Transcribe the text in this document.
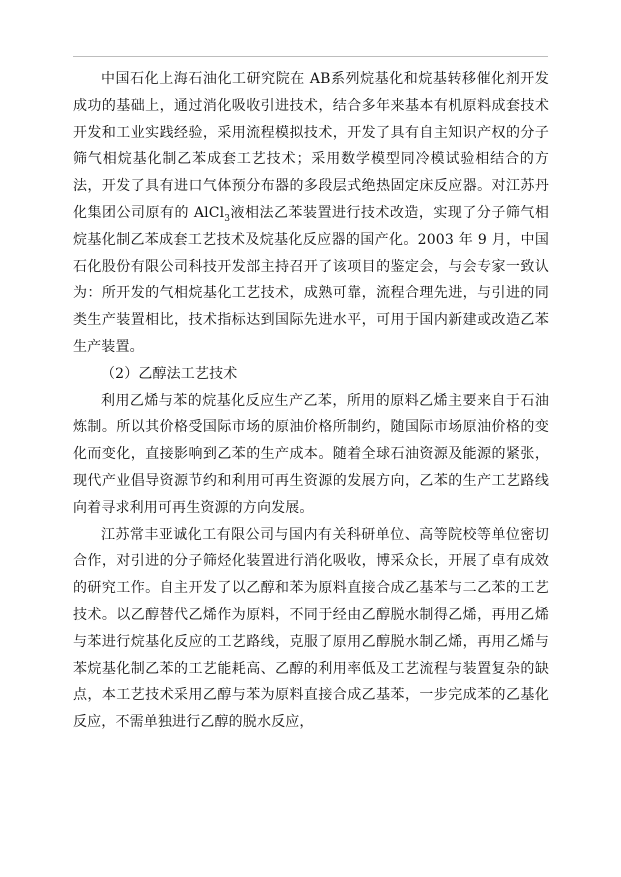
中国石化上海石油化工研究院在 AB系列烷基化和烷基转移催化剂开发成功的基础上，通过消化吸收引进技术，结合多年来基本有机原料成套技术开发和工业实践经验，采用流程模拟技术，开发了具有自主知识产权的分子筛气相烷基化制乙苯成套工艺技术；采用数学模型同冷模试验相结合的方法，开发了具有进口气体预分布器的多段层式绝热固定床反应器。对江苏丹化集团公司原有的 AlCl$_3$液相法乙苯装置进行技术改造，实现了分子筛气相烷基化制乙苯成套工艺技术及烷基化反应器的国产化。2003 年 9 月，中国石化股份有限公司科技开发部主持召开了该项目的鉴定会，与会专家一致认为：所开发的气相烷基化工艺技术，成熟可靠，流程合理先进，与引进的同类生产装置相比，技术指标达到国际先进水平，可用于国内新建或改造乙苯生产装置。

（2）乙醇法工艺技术

利用乙烯与苯的烷基化反应生产乙苯，所用的原料乙烯主要来自于石油炼制。所以其价格受国际市场的原油价格所制约，随国际市场原油价格的变化而变化，直接影响到乙苯的生产成本。随着全球石油资源及能源的紧张，现代产业倡导资源节约和利用可再生资源的发展方向，乙苯的生产工艺路线向着寻求利用可再生资源的方向发展。

江苏常丰亚诚化工有限公司与国内有关科研单位、高等院校等单位密切合作，对引进的分子筛烃化装置进行消化吸收，博采众长，开展了卓有成效的研究工作。自主开发了以乙醇和苯为原料直接合成乙基苯与二乙苯的工艺技术。以乙醇替代乙烯作为原料，不同于经由乙醇脱水制得乙烯，再用乙烯与苯进行烷基化反应的工艺路线，克服了原用乙醇脱水制乙烯，再用乙烯与苯烷基化制乙苯的工艺能耗高、乙醇的利用率低及工艺流程与装置复杂的缺点，本工艺技术采用乙醇与苯为原料直接合成乙基苯，一步完成苯的乙基化反应，不需单独进行乙醇的脱水反应，
